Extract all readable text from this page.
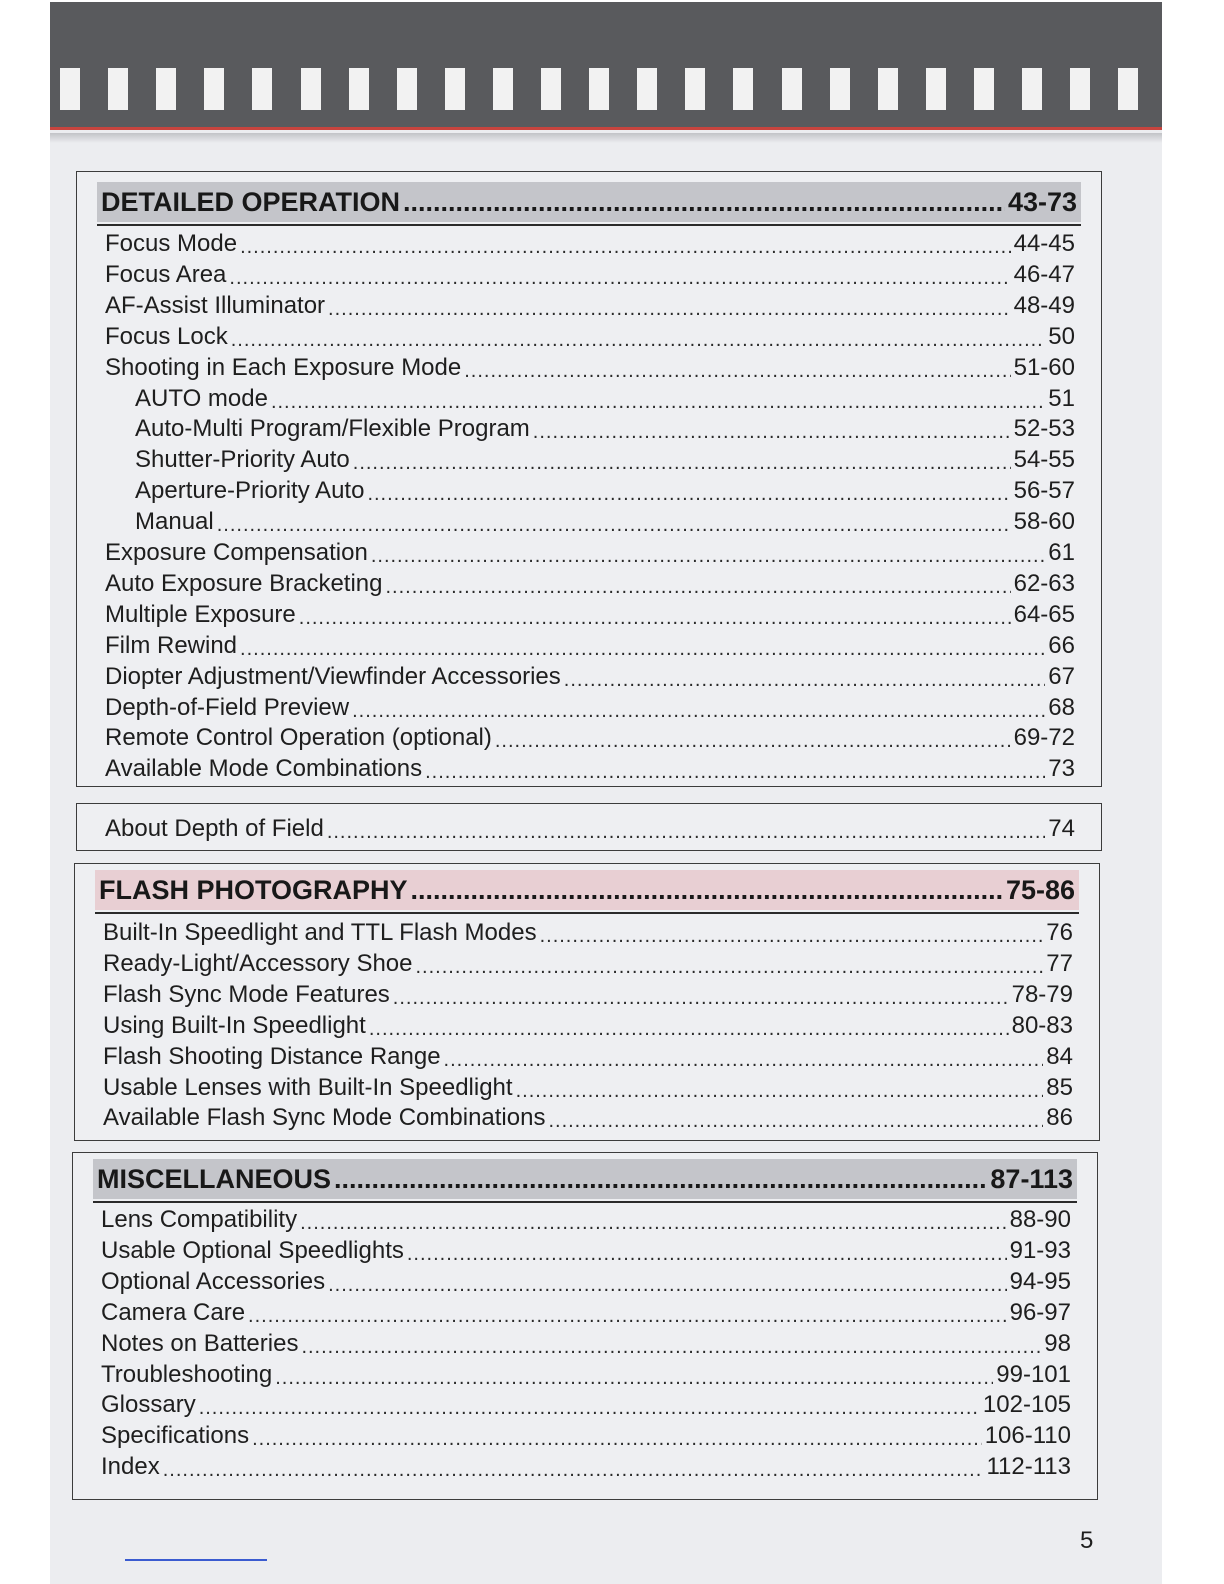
DETAILED OPERATION .....	43-73
Focus Mode .....	44-45
Focus Area .....	46-47
AF-Assist Illuminator .....	48-49
Focus Lock .....	50
Shooting in Each Exposure Mode .....	51-60
AUTO mode .....	51
Auto-Multi Program/Flexible Program .....	52-53
Shutter-Priority Auto .....	54-55
Aperture-Priority Auto .....	56-57
Manual .....	58-60
Exposure Compensation .....	61
Auto Exposure Bracketing .....	62-63
Multiple Exposure .....	64-65
Film Rewind .....	66
Diopter Adjustment/Viewfinder Accessories .....	67
Depth-of-Field Preview .....	68
Remote Control Operation (optional) .....	69-72
Available Mode Combinations .....	73
About Depth of Field .....	74
FLASH PHOTOGRAPHY .....	75-86
Built-In Speedlight and TTL Flash Modes .....	76
Ready-Light/Accessory Shoe .....	77
Flash Sync Mode Features .....	78-79
Using Built-In Speedlight .....	80-83
Flash Shooting Distance Range .....	84
Usable Lenses with Built-In Speedlight .....	85
Available Flash Sync Mode Combinations .....	86
MISCELLANEOUS .....	87-113
Lens Compatibility .....	88-90
Usable Optional Speedlights .....	91-93
Optional Accessories .....	94-95
Camera Care .....	96-97
Notes on Batteries .....	98
Troubleshooting .....	99-101
Glossary .....	102-105
Specifications .....	106-110
Index .....	112-113
5
